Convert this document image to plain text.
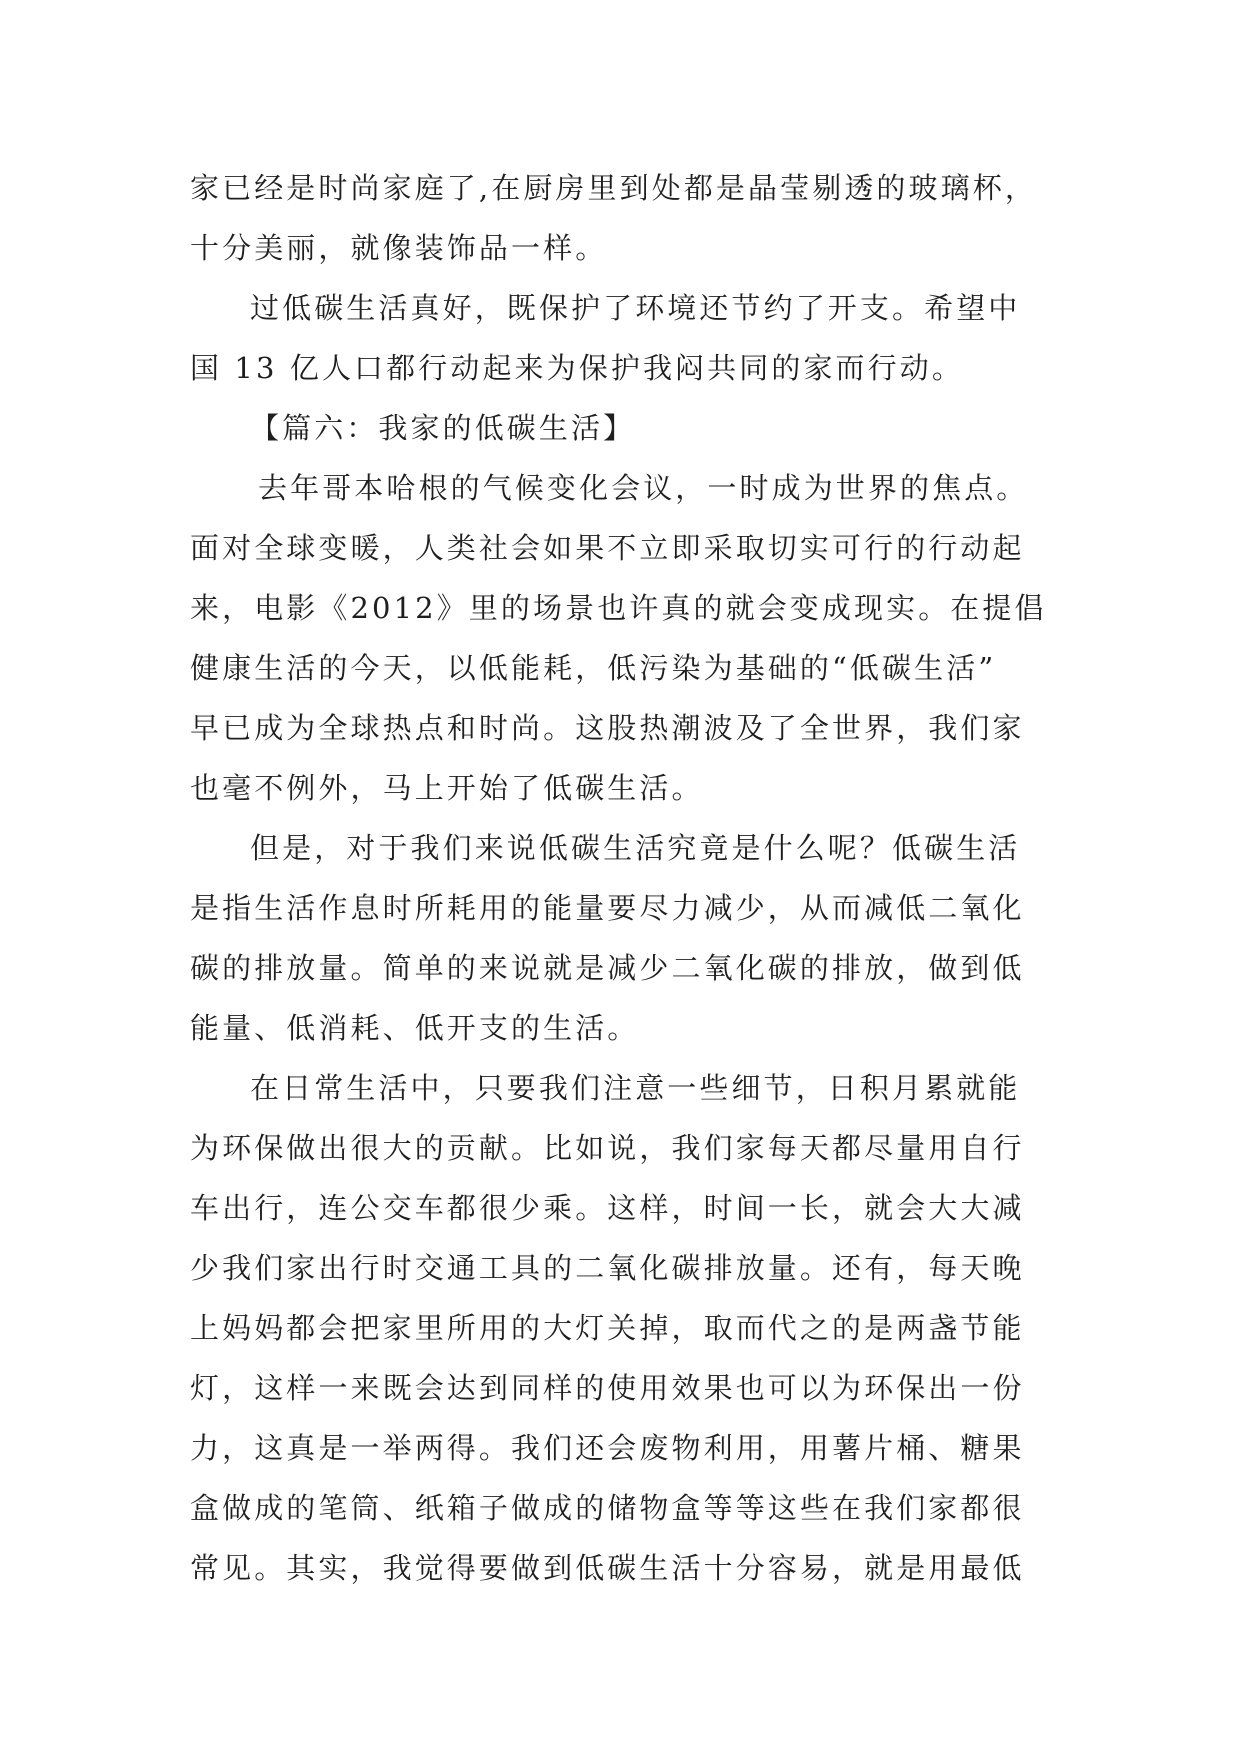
家已经是时尚家庭了,在厨房里到处都是晶莹剔透的玻璃杯，
十分美丽，就像装饰品一样。
过低碳生活真好，既保护了环境还节约了开支。希望中
国 13 亿人口都行动起来为保护我闷共同的家而行动。
【篇六：我家的低碳生活】
去年哥本哈根的气候变化会议，一时成为世界的焦点。
面对全球变暖，人类社会如果不立即采取切实可行的行动起
来，电影《2012》里的场景也许真的就会变成现实。在提倡
健康生活的今天，以低能耗，低污染为基础的“低碳生活”
早已成为全球热点和时尚。这股热潮波及了全世界，我们家
也毫不例外，马上开始了低碳生活。
但是，对于我们来说低碳生活究竟是什么呢？低碳生活
是指生活作息时所耗用的能量要尽力减少，从而减低二氧化
碳的排放量。简单的来说就是减少二氧化碳的排放，做到低
能量、低消耗、低开支的生活。
在日常生活中，只要我们注意一些细节，日积月累就能
为环保做出很大的贡献。比如说，我们家每天都尽量用自行
车出行，连公交车都很少乘。这样，时间一长，就会大大减
少我们家出行时交通工具的二氧化碳排放量。还有，每天晚
上妈妈都会把家里所用的大灯关掉，取而代之的是两盏节能
灯，这样一来既会达到同样的使用效果也可以为环保出一份
力，这真是一举两得。我们还会废物利用，用薯片桶、糖果
盒做成的笔筒、纸箱子做成的储物盒等等这些在我们家都很
常见。其实，我觉得要做到低碳生活十分容易，就是用最低
